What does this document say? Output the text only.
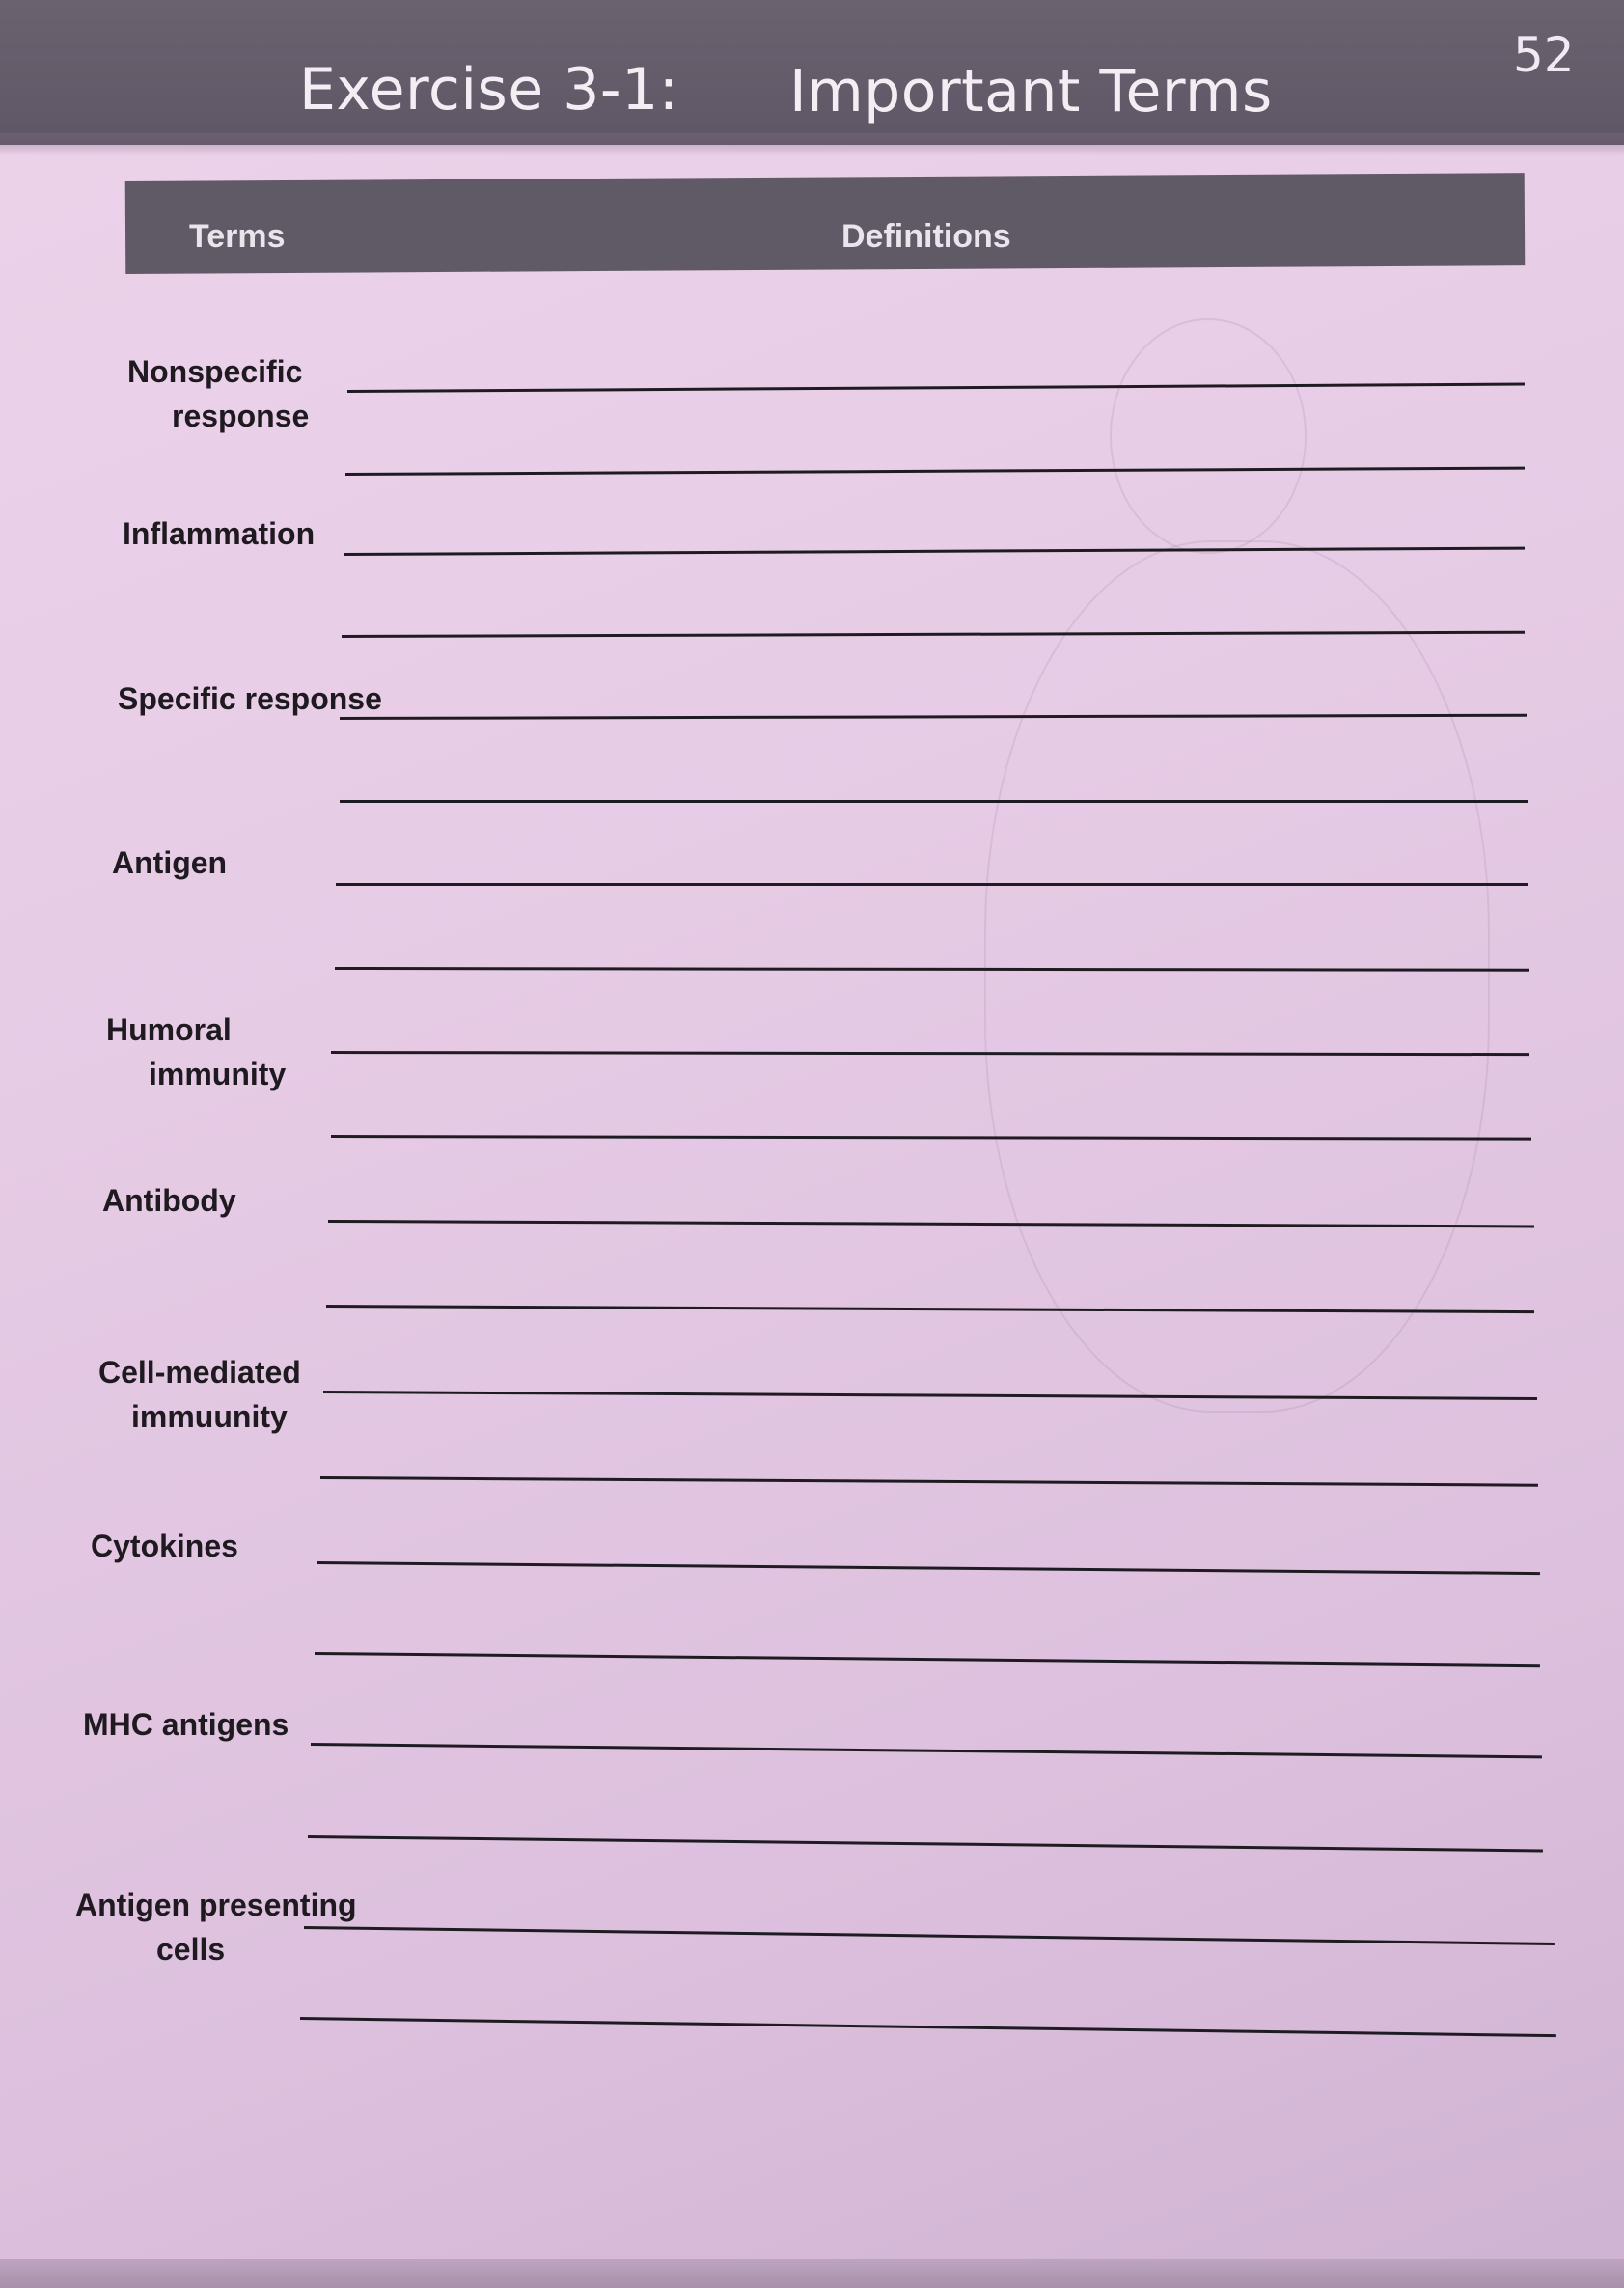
Exercise 3-1: Important Terms
52
Terms	Definitions
Nonspecific
response
Inflammation
Specific response
Antigen
Humoral
immunity
Antibody
Cell-mediated
immuunity
Cytokines
MHC antigens
Antigen presenting
cells
